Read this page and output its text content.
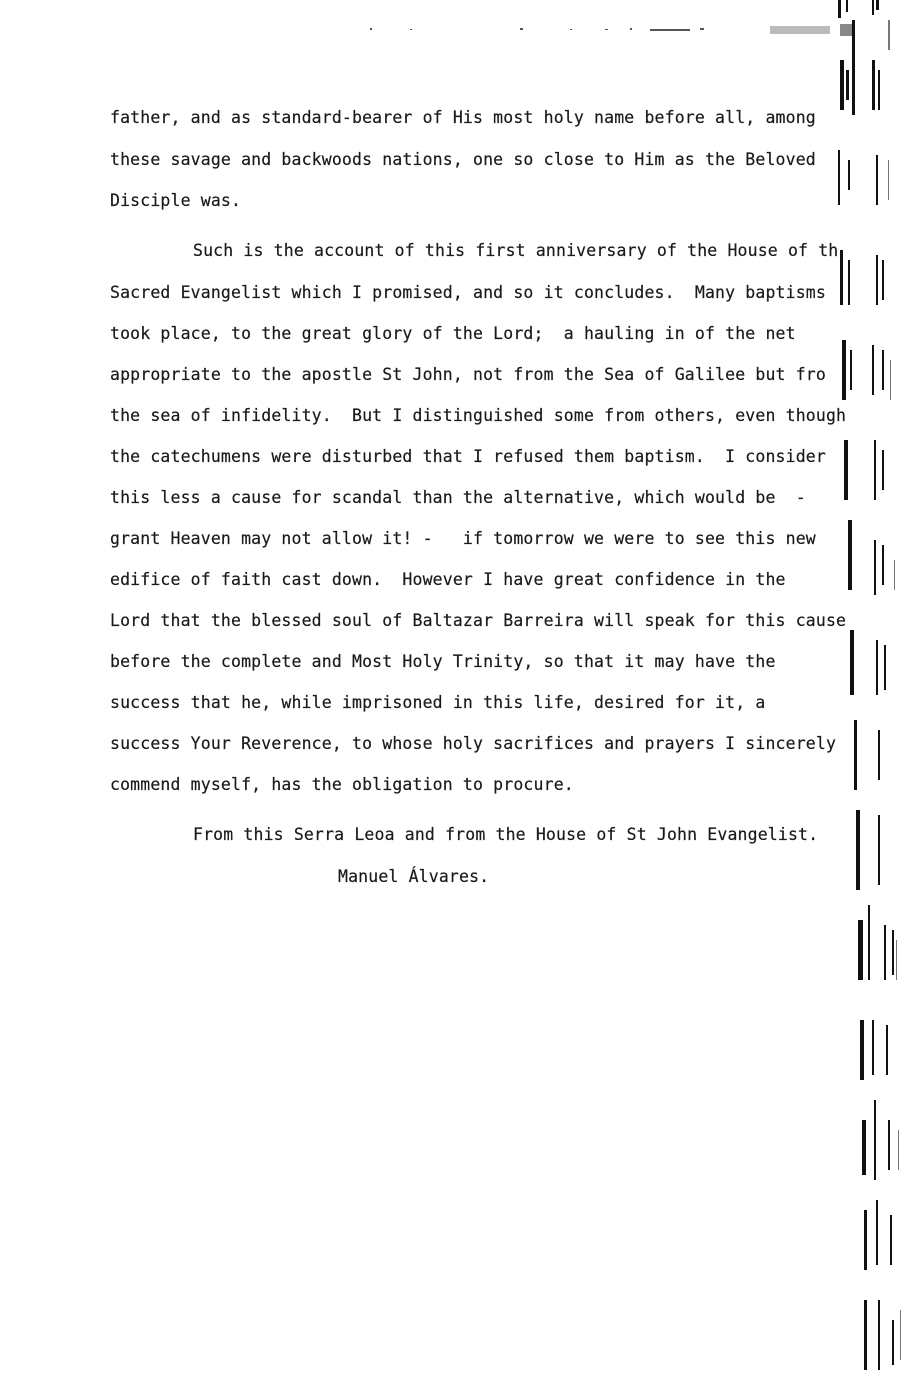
father, and as standard-bearer of His most holy name before all, among
these savage and backwoods nations, one so close to Him as the Beloved
Disciple was.
Such is the account of this first anniversary of the House of th
Sacred Evangelist which I promised, and so it concludes.  Many baptisms
took place, to the great glory of the Lord;  a hauling in of the net
appropriate to the apostle St John, not from the Sea of Galilee but fro
the sea of infidelity.  But I distinguished some from others, even though
the catechumens were disturbed that I refused them baptism.  I consider
this less a cause for scandal than the alternative, which would be  -
grant Heaven may not allow it! -   if tomorrow we were to see this new
edifice of faith cast down.  However I have great confidence in the
Lord that the blessed soul of Baltazar Barreira will speak for this cause
before the complete and Most Holy Trinity, so that it may have the
success that he, while imprisoned in this life, desired for it, a
success Your Reverence, to whose holy sacrifices and prayers I sincerely
commend myself, has the obligation to procure.
From this Serra Leoa and from the House of St John Evangelist.
Manuel Álvares.
